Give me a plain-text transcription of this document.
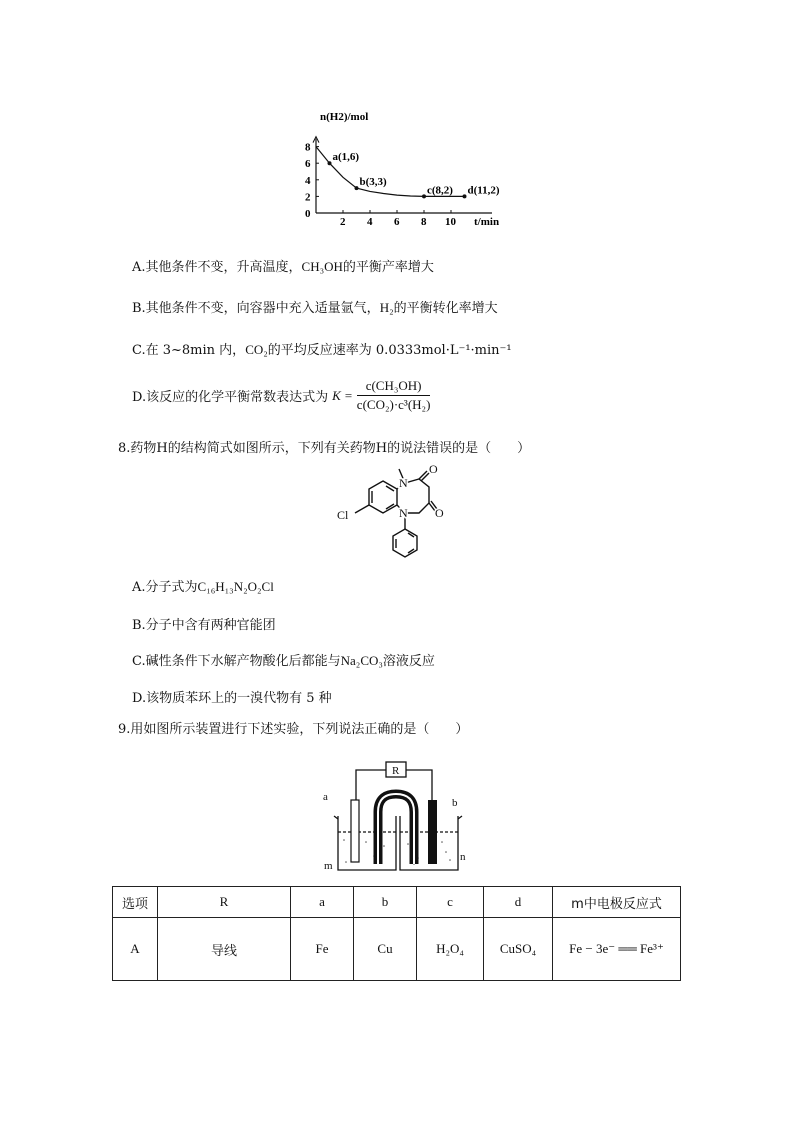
n(H2)/mol
t/min
0
2
4
6
8
2 4 6 8 10
a(1,6)
b(3,3)
c(8,2) d(11,2)
A.其他条件不变，升高温度，CH₃OH的平衡产率增大
B.其他条件不变，向容器中充入适量氩气，H₂的平衡转化率增大
C.在 3~8min 内，CO₂的平均反应速率为 0.0333mol·L⁻¹·min⁻¹
D.该反应的化学平衡常数表达式为 $K = \frac{\text{c(CH₃OH)}}{\text{c(CO₂)·c³(H₂)}}$
8.药物H的结构简式如图所示，下列有关药物H的说法错误的是（　　）
O
O
N
N
Cl
A.分子式为C₁₆H₁₃N₂O₂Cl
B.分子中含有两种官能团
C.碱性条件下水解产物酸化后都能与Na₂CO₃溶液反应
D.该物质苯环上的一溴代物有 5 种
9.用如图所示装置进行下述实验，下列说法正确的是（　　）
R
a	b
m
n
选项	R	a	b	c	d	m中电极反应式
A	导线	Fe	Cu	H₂O₄	CuSO₄	Fe − 3e⁻ ══ Fe³⁺
